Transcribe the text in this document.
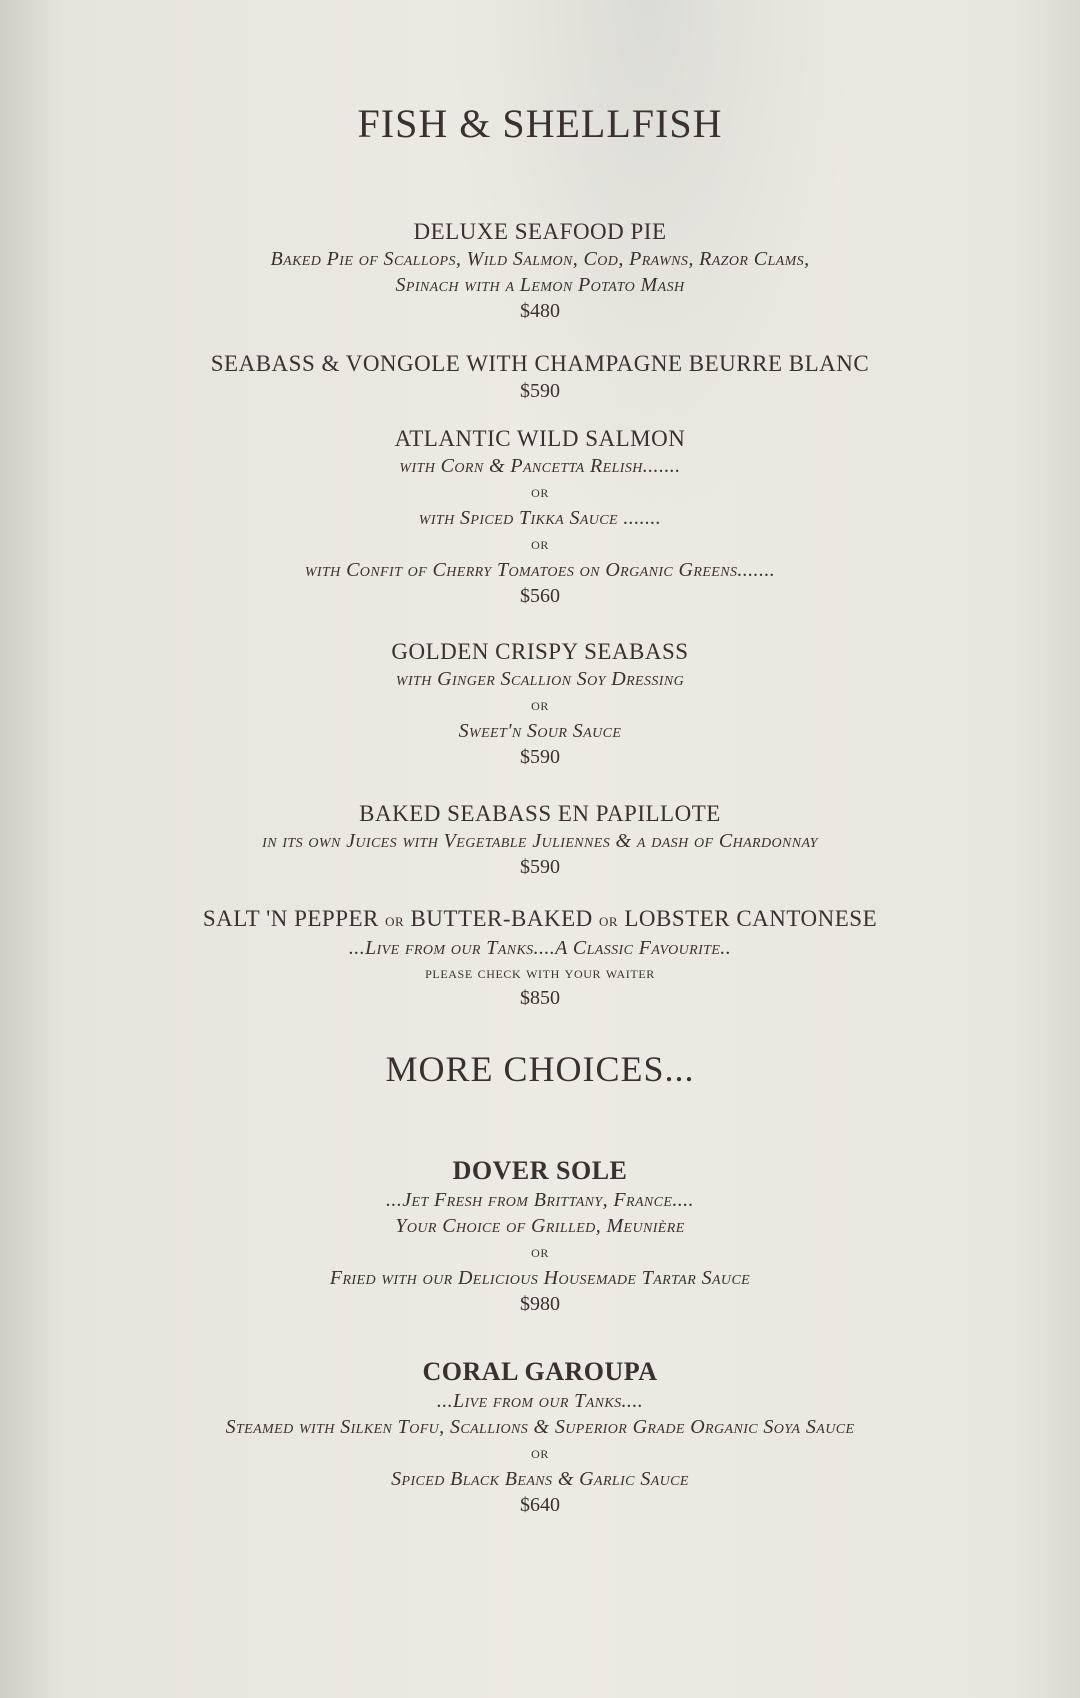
FISH & SHELLFISH
DELUXE SEAFOOD PIE
Baked Pie of Scallops, Wild Salmon, Cod, Prawns, Razor Clams,
Spinach with a Lemon Potato Mash
$480
SEABASS & VONGOLE WITH CHAMPAGNE BEURRE BLANC
$590
ATLANTIC WILD SALMON
with Corn & Pancetta Relish.......
or
with Spiced Tikka Sauce .......
or
with Confit of Cherry Tomatoes on Organic Greens.......
$560
GOLDEN CRISPY SEABASS
with Ginger Scallion Soy Dressing
or
Sweet'n Sour Sauce
$590
BAKED SEABASS EN PAPILLOTE
in its own Juices with Vegetable Juliennes & a dash of Chardonnay
$590
SALT 'N PEPPER or BUTTER-BAKED or LOBSTER CANTONESE
...Live from our Tanks....A Classic Favourite..
please check with your waiter
$850
MORE CHOICES...
DOVER SOLE
...Jet Fresh from Brittany, France....
Your Choice of Grilled, Meunière
or
Fried with our Delicious Housemade Tartar Sauce
$980
CORAL GAROUPA
...Live from our Tanks....
Steamed with Silken Tofu, Scallions & Superior Grade Organic Soya Sauce
or
Spiced Black Beans & Garlic Sauce
$640
